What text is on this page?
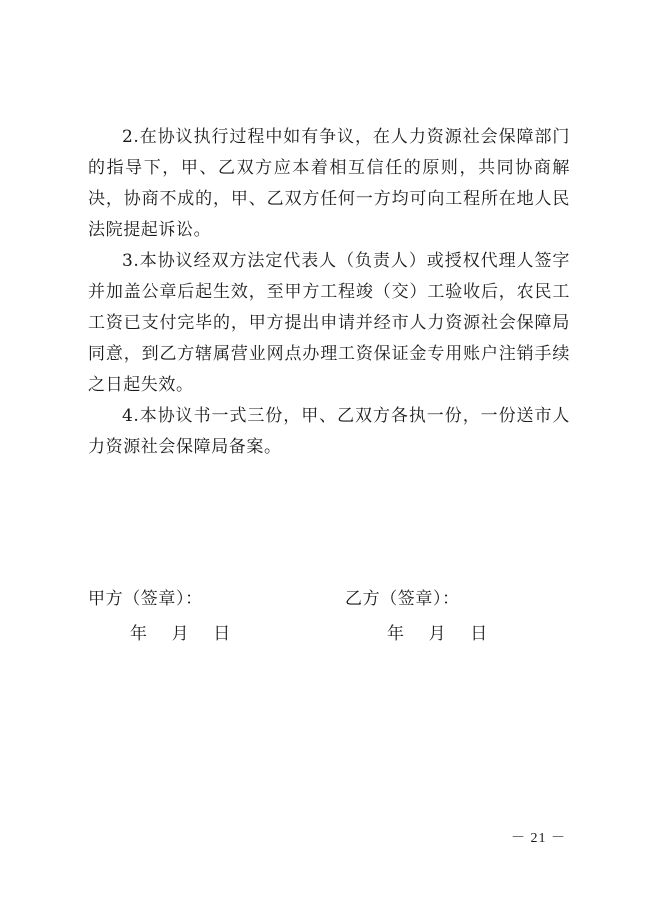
2.在协议执行过程中如有争议，在人力资源社会保障部门的指导下，甲、乙双方应本着相互信任的原则，共同协商解决，协商不成的，甲、乙双方任何一方均可向工程所在地人民法院提起诉讼。

3.本协议经双方法定代表人（负责人）或授权代理人签字并加盖公章后起生效，至甲方工程竣（交）工验收后，农民工工资已支付完毕的，甲方提出申请并经市人力资源社会保障局同意，到乙方辖属营业网点办理工资保证金专用账户注销手续之日起失效。

4.本协议书一式三份，甲、乙双方各执一份，一份送市人力资源社会保障局备案。

甲方（签章）：
年  月  日
乙方（签章）：
年  月  日
－ 21 －
